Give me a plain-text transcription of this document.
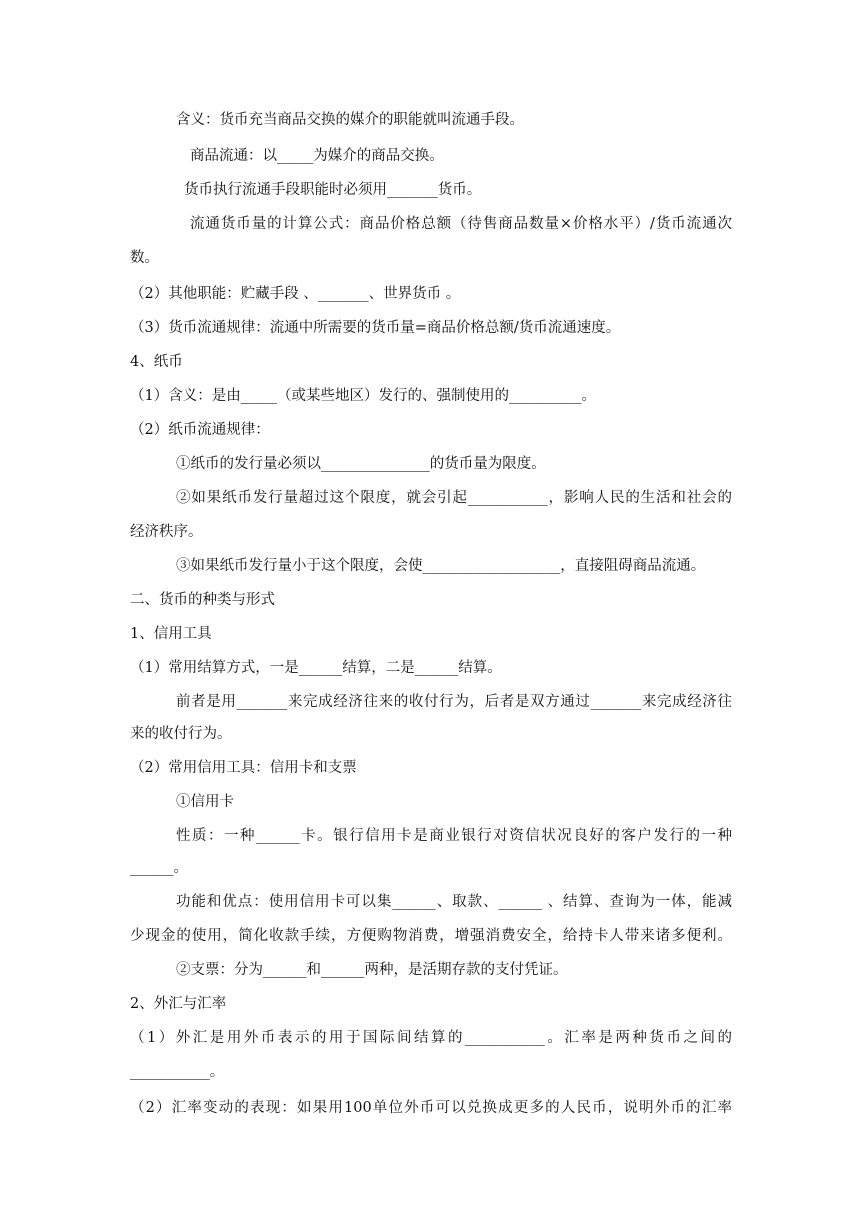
含义：货币充当商品交换的媒介的职能就叫流通手段。
商品流通：以_____为媒介的商品交换。
货币执行流通手段职能时必须用_______货币。
流通货币量的计算公式：商品价格总额（待售商品数量×价格水平）/货币流通次
数。
（2）其他职能：贮藏手段 、_______、世界货币 。
（3）货币流通规律：流通中所需要的货币量=商品价格总额/货币流通速度。
4、纸币
（1）含义：是由_____（或某些地区）发行的、强制使用的__________。
（2）纸币流通规律：
①纸币的发行量必须以_______________的货币量为限度。
②如果纸币发行量超过这个限度，就会引起___________，影响人民的生活和社会的
经济秩序。
③如果纸币发行量小于这个限度，会使___________________，直接阻碍商品流通。
二、货币的种类与形式
1、信用工具
（1）常用结算方式，一是______结算，二是______结算。
前者是用_______来完成经济往来的收付行为，后者是双方通过_______来完成经济往
来的收付行为。
（2）常用信用工具：信用卡和支票
①信用卡
性质：一种______卡。银行信用卡是商业银行对资信状况良好的客户发行的一种
______。
功能和优点：使用信用卡可以集______、取款、______ 、结算、查询为一体，能减
少现金的使用，简化收款手续，方便购物消费，增强消费安全，给持卡人带来诸多便利。
②支票：分为______和______两种，是活期存款的支付凭证。
2、外汇与汇率
（1）外汇是用外币表示的用于国际间结算的___________。汇率是两种货币之间的
___________。
（2）汇率变动的表现：如果用100单位外币可以兑换成更多的人民币，说明外币的汇率
